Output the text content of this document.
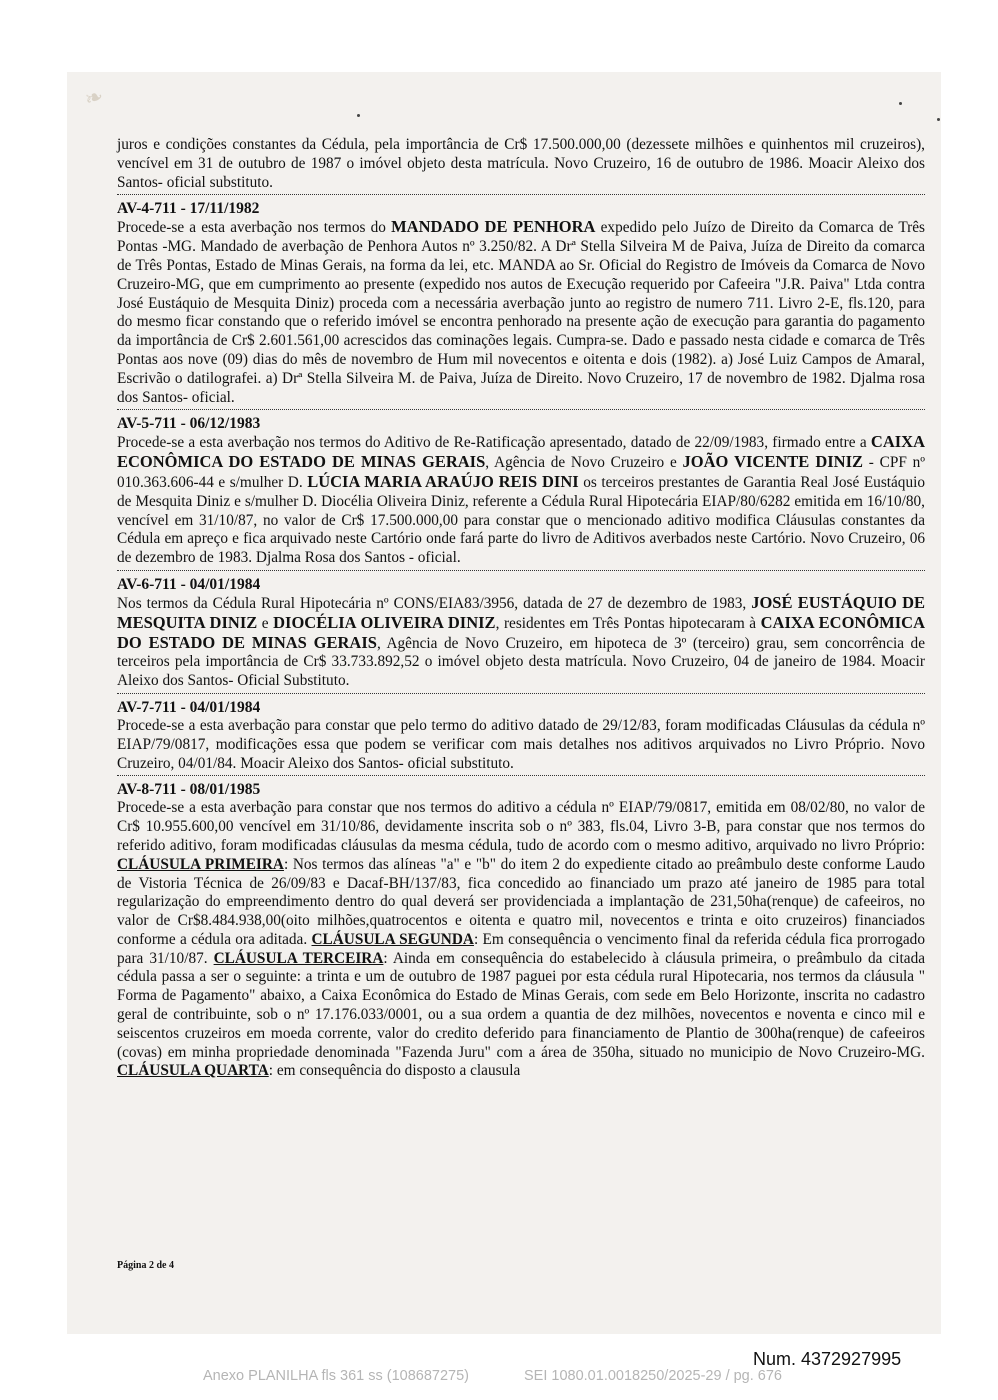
❧

juros e condições constantes da Cédula, pela importância de Cr$ 17.500.000,00 (dezessete milhões e quinhentos mil cruzeiros), vencível em 31 de outubro de 1987 o imóvel objeto desta matrícula. Novo Cruzeiro, 16 de outubro de 1986. Moacir Aleixo dos Santos- oficial substituto.

AV-4-711 - 17/11/1982

Procede-se a esta averbação nos termos do MANDADO DE PENHORA expedido pelo Juízo de Direito da Comarca de Três Pontas -MG. Mandado de averbação de Penhora Autos nº 3.250/82. A Drª Stella Silveira M de Paiva, Juíza de Direito da comarca de Três Pontas, Estado de Minas Gerais, na forma da lei, etc. MANDA ao Sr. Oficial do Registro de Imóveis da Comarca de Novo Cruzeiro-MG, que em cumprimento ao presente (expedido nos autos de Execução requerido por Cafeeira "J.R. Paiva" Ltda contra José Eustáquio de Mesquita Diniz) proceda com a necessária averbação junto ao registro de numero 711. Livro 2-E, fls.120, para do mesmo ficar constando que o referido imóvel se encontra penhorado na presente ação de execução para garantia do pagamento da importância de Cr$ 2.601.561,00 acrescidos das cominações legais. Cumpra-se. Dado e passado nesta cidade e comarca de Três Pontas aos nove (09) dias do mês de novembro de Hum mil novecentos e oitenta e dois (1982). a) José Luiz Campos de Amaral, Escrivão o datilografei. a) Drª Stella Silveira M. de Paiva, Juíza de Direito. Novo Cruzeiro, 17 de novembro de 1982. Djalma rosa dos Santos- oficial.

AV-5-711 - 06/12/1983

Procede-se a esta averbação nos termos do Aditivo de Re-Ratificação apresentado, datado de 22/09/1983, firmado entre a CAIXA ECONÔMICA DO ESTADO DE MINAS GERAIS, Agência de Novo Cruzeiro e JOÃO VICENTE DINIZ - CPF nº 010.363.606-44 e s/mulher D. LÚCIA MARIA ARAÚJO REIS DINI os terceiros prestantes de Garantia Real José Eustáquio de Mesquita Diniz e s/mulher D. Diocélia Oliveira Diniz, referente a Cédula Rural Hipotecária EIAP/80/6282 emitida em 16/10/80, vencível em 31/10/87, no valor de Cr$ 17.500.000,00 para constar que o mencionado aditivo modifica Cláusulas constantes da Cédula em apreço e fica arquivado neste Cartório onde fará parte do livro de Aditivos averbados neste Cartório. Novo Cruzeiro, 06 de dezembro de 1983. Djalma Rosa dos Santos - oficial.

AV-6-711 - 04/01/1984

Nos termos da Cédula Rural Hipotecária nº CONS/EIA83/3956, datada de 27 de dezembro de 1983, JOSÉ EUSTÁQUIO DE MESQUITA DINIZ e DIOCÉLIA OLIVEIRA DINIZ, residentes em Três Pontas hipotecaram à CAIXA ECONÔMICA DO ESTADO DE MINAS GERAIS, Agência de Novo Cruzeiro, em hipoteca de 3º (terceiro) grau, sem concorrência de terceiros pela importância de Cr$ 33.733.892,52 o imóvel objeto desta matrícula. Novo Cruzeiro, 04 de janeiro de 1984. Moacir Aleixo dos Santos- Oficial Substituto.

AV-7-711 - 04/01/1984

Procede-se a esta averbação para constar que pelo termo do aditivo datado de 29/12/83, foram modificadas Cláusulas da cédula nº EIAP/79/0817, modificações essa que podem se verificar com mais detalhes nos aditivos arquivados no Livro Próprio. Novo Cruzeiro, 04/01/84. Moacir Aleixo dos Santos- oficial substituto.

AV-8-711 - 08/01/1985

Procede-se a esta averbação para constar que nos termos do aditivo a cédula nº EIAP/79/0817, emitida em 08/02/80, no valor de Cr$ 10.955.600,00 vencível em 31/10/86, devidamente inscrita sob o nº 383, fls.04, Livro 3-B, para constar que nos termos do referido aditivo, foram modificadas cláusulas da mesma cédula, tudo de acordo com o mesmo aditivo, arquivado no livro Próprio: CLÁUSULA PRIMEIRA: Nos termos das alíneas "a" e "b" do item 2 do expediente citado ao preâmbulo deste conforme Laudo de Vistoria Técnica de 26/09/83 e Dacaf-BH/137/83, fica concedido ao financiado um prazo até janeiro de 1985 para total regularização do empreendimento dentro do qual deverá ser providenciada a implantação de 231,50ha(renque) de cafeeiros, no valor de Cr$8.484.938,00(oito milhões,quatrocentos e oitenta e quatro mil, novecentos e trinta e oito cruzeiros) financiados conforme a cédula ora aditada. CLÁUSULA SEGUNDA: Em consequência o vencimento final da referida cédula fica prorrogado para 31/10/87. CLÁUSULA TERCEIRA: Ainda em consequência do estabelecido à cláusula primeira, o preâmbulo da citada cédula passa a ser o seguinte: a trinta e um de outubro de 1987 paguei por esta cédula rural Hipotecaria, nos termos da cláusula " Forma de Pagamento" abaixo, a Caixa Econômica do Estado de Minas Gerais, com sede em Belo Horizonte, inscrita no cadastro geral de contribuinte, sob o nº 17.176.033/0001, ou a sua ordem a quantia de dez milhões, novecentos e noventa e cinco mil e seiscentos cruzeiros em moeda corrente, valor do credito deferido para financiamento de Plantio de 300ha(renque) de cafeeiros (covas) em minha propriedade denominada "Fazenda Juru" com a área de 350ha, situado no municipio de Novo Cruzeiro-MG. CLÁUSULA QUARTA: em consequência do disposto a clausula

Página 2 de 4
Num. 4372927995
Anexo PLANILHA fls 361 ss (108687275)	SEI 1080.01.0018250/2025-29 / pg. 676
